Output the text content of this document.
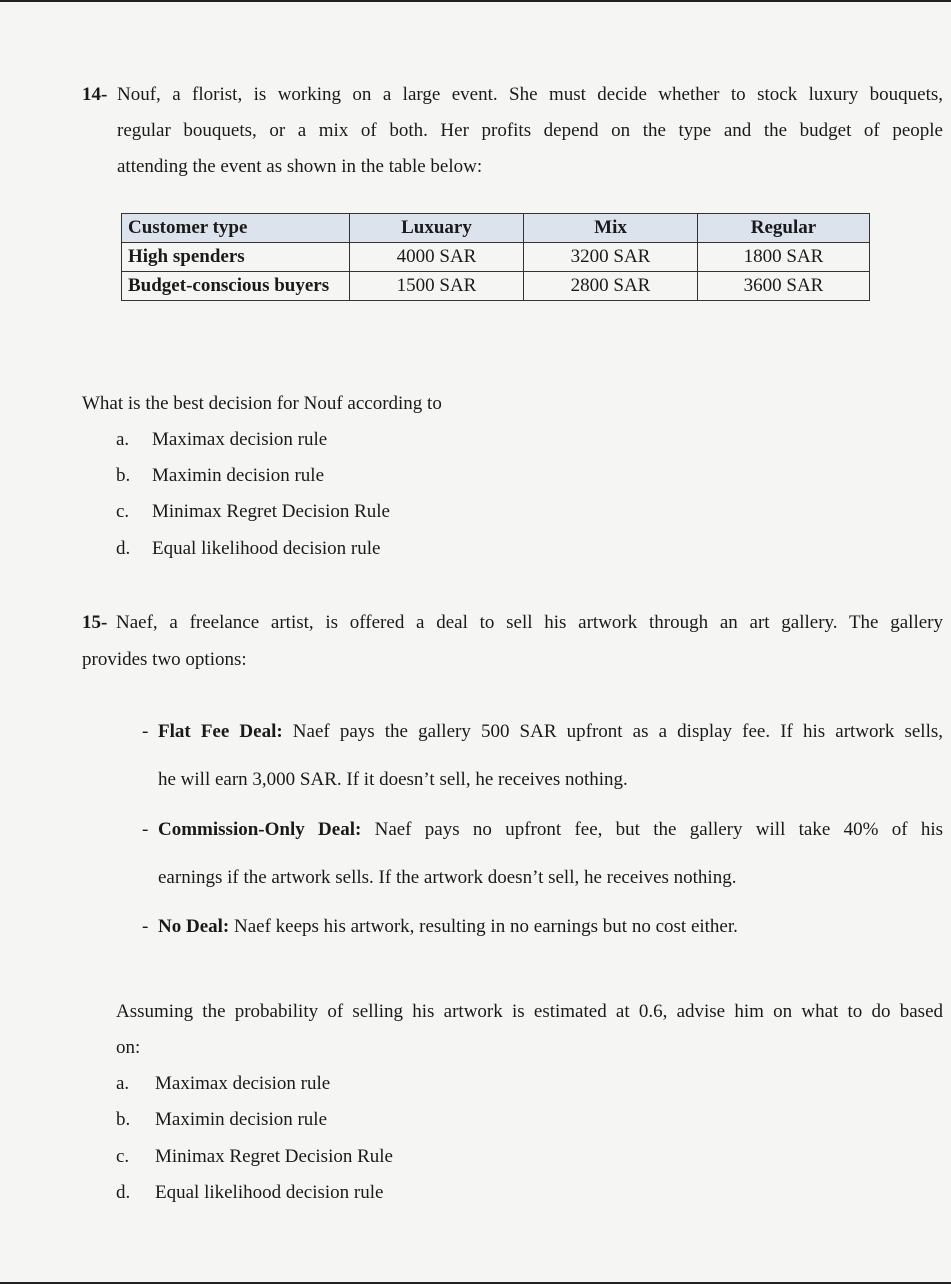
14- Nouf, a florist, is working on a large event. She must decide whether to stock luxury bouquets,
regular bouquets, or a mix of both. Her profits depend on the type and the budget of people
attending the event as shown in the table below:
Customer type	Luxuary	Mix	Regular
High spenders	4000 SAR	3200 SAR	1800 SAR
Budget-conscious buyers	1500 SAR	2800 SAR	3600 SAR
What is the best decision for Nouf according to
a. Maximax decision rule
b. Maximin decision rule
c. Minimax Regret Decision Rule
d. Equal likelihood decision rule
15- Naef, a freelance artist, is offered a deal to sell his artwork through an art gallery. The gallery
provides two options:
- Flat Fee Deal: Naef pays the gallery 500 SAR upfront as a display fee. If his artwork sells,
he will earn 3,000 SAR. If it doesn’t sell, he receives nothing.
- Commission-Only Deal: Naef pays no upfront fee, but the gallery will take 40% of his
earnings if the artwork sells. If the artwork doesn’t sell, he receives nothing.
- No Deal: Naef keeps his artwork, resulting in no earnings but no cost either.
Assuming the probability of selling his artwork is estimated at 0.6, advise him on what to do based
on:
a. Maximax decision rule
b. Maximin decision rule
c. Minimax Regret Decision Rule
d. Equal likelihood decision rule
